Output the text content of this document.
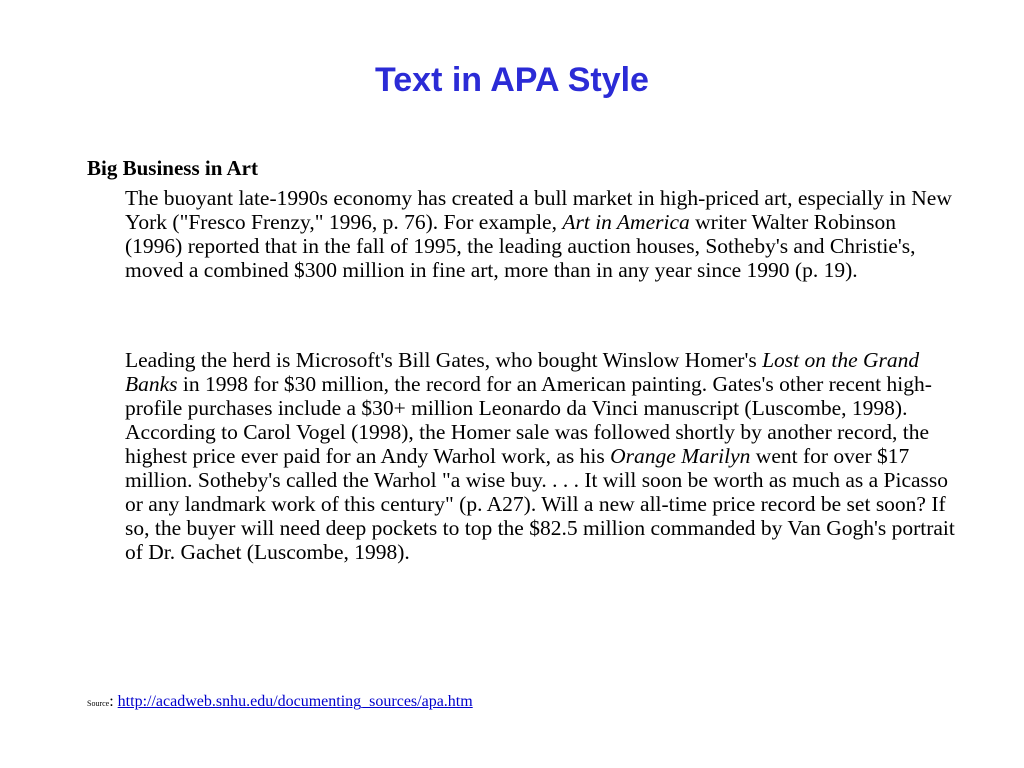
Text in APA Style
Big Business in Art

The buoyant late-1990s economy has created a bull market in high-priced art, especially in New York ("Fresco Frenzy," 1996, p. 76). For example, Art in America writer Walter Robinson (1996) reported that in the fall of 1995, the leading auction houses, Sotheby's and Christie's, moved a combined $300 million in fine art, more than in any year since 1990 (p. 19).

Leading the herd is Microsoft's Bill Gates, who bought Winslow Homer's Lost on the Grand Banks in 1998 for $30 million, the record for an American painting. Gates's other recent high-profile purchases include a $30+ million Leonardo da Vinci manuscript (Luscombe, 1998). According to Carol Vogel (1998), the Homer sale was followed shortly by another record, the highest price ever paid for an Andy Warhol work, as his Orange Marilyn went for over $17 million. Sotheby's called the Warhol "a wise buy. . . . It will soon be worth as much as a Picasso or any landmark work of this century" (p. A27). Will a new all-time price record be set soon? If so, the buyer will need deep pockets to top the $82.5 million commanded by Van Gogh's portrait of Dr. Gachet (Luscombe, 1998).

Source: http://acadweb.snhu.edu/documenting_sources/apa.htm
